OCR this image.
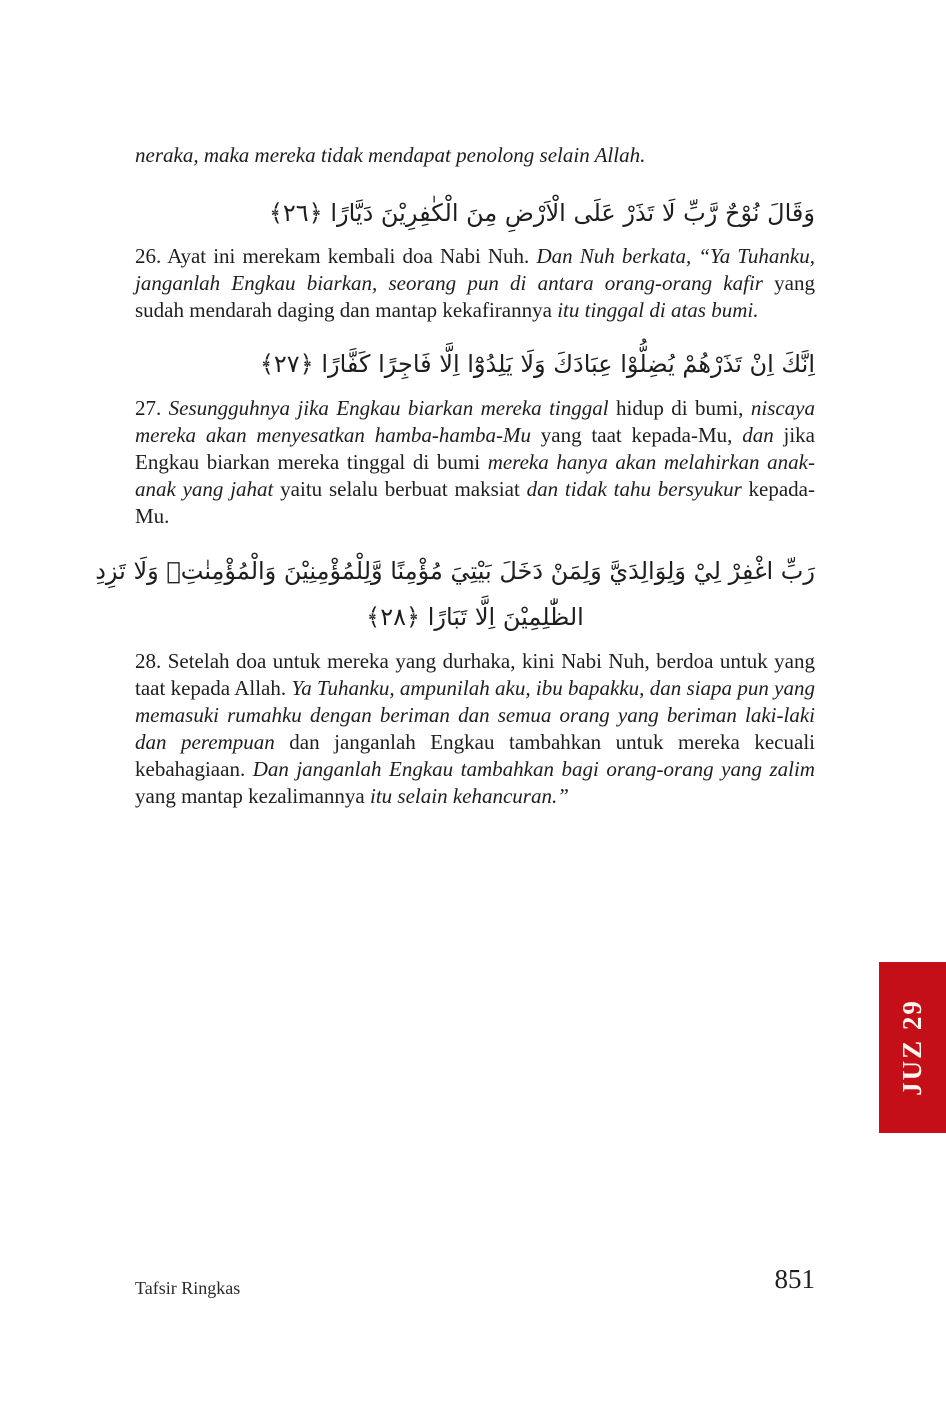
neraka, maka mereka tidak mendapat penolong selain Allah.
وَقَالَ نُوْحٌ رَّبِّ لَا تَذَرْ عَلَى الْاَرْضِ مِنَ الْكٰفِرِيْنَ دَيَّارًا ﴿٢٦﴾
26. Ayat ini merekam kembali doa Nabi Nuh. Dan Nuh berkata, “Ya Tuhanku, janganlah Engkau biarkan, seorang pun di antara orang-orang kafir yang sudah mendarah daging dan mantap kekafirannya itu tinggal di atas bumi.
اِنَّكَ اِنْ تَذَرْهُمْ يُضِلُّوْا عِبَادَكَ وَلَا يَلِدُوْٓا اِلَّا فَاجِرًا كَفَّارًا ﴿٢٧﴾
27. Sesungguhnya jika Engkau biarkan mereka tinggal hidup di bumi, niscaya mereka akan menyesatkan hamba-hamba-Mu yang taat kepada-Mu, dan jika Engkau biarkan mereka tinggal di bumi mereka hanya akan melahirkan anak-anak yang jahat yaitu selalu berbuat maksiat dan tidak tahu bersyukur kepada-Mu.
رَبِّ اغْفِرْ لِيْ وَلِوَالِدَيَّ وَلِمَنْ دَخَلَ بَيْتِيَ مُؤْمِنًا وَّلِلْمُؤْمِنِيْنَ وَالْمُؤْمِنٰتِۗ وَلَا تَزِدِ
الظّٰلِمِيْنَ اِلَّا تَبَارًا ﴿٢٨﴾
28. Setelah doa untuk mereka yang durhaka, kini Nabi Nuh, berdoa untuk yang taat kepada Allah. Ya Tuhanku, ampunilah aku, ibu bapakku, dan siapa pun yang memasuki rumahku dengan beriman dan semua orang yang beriman laki-laki dan perempuan dan janganlah Engkau tambahkan untuk mereka kecuali kebahagiaan. Dan janganlah Engkau tambahkan bagi orang-orang yang zalim yang mantap kezalimannya itu selain kehancuran.”
JUZ 29
Tafsir Ringkas	851
